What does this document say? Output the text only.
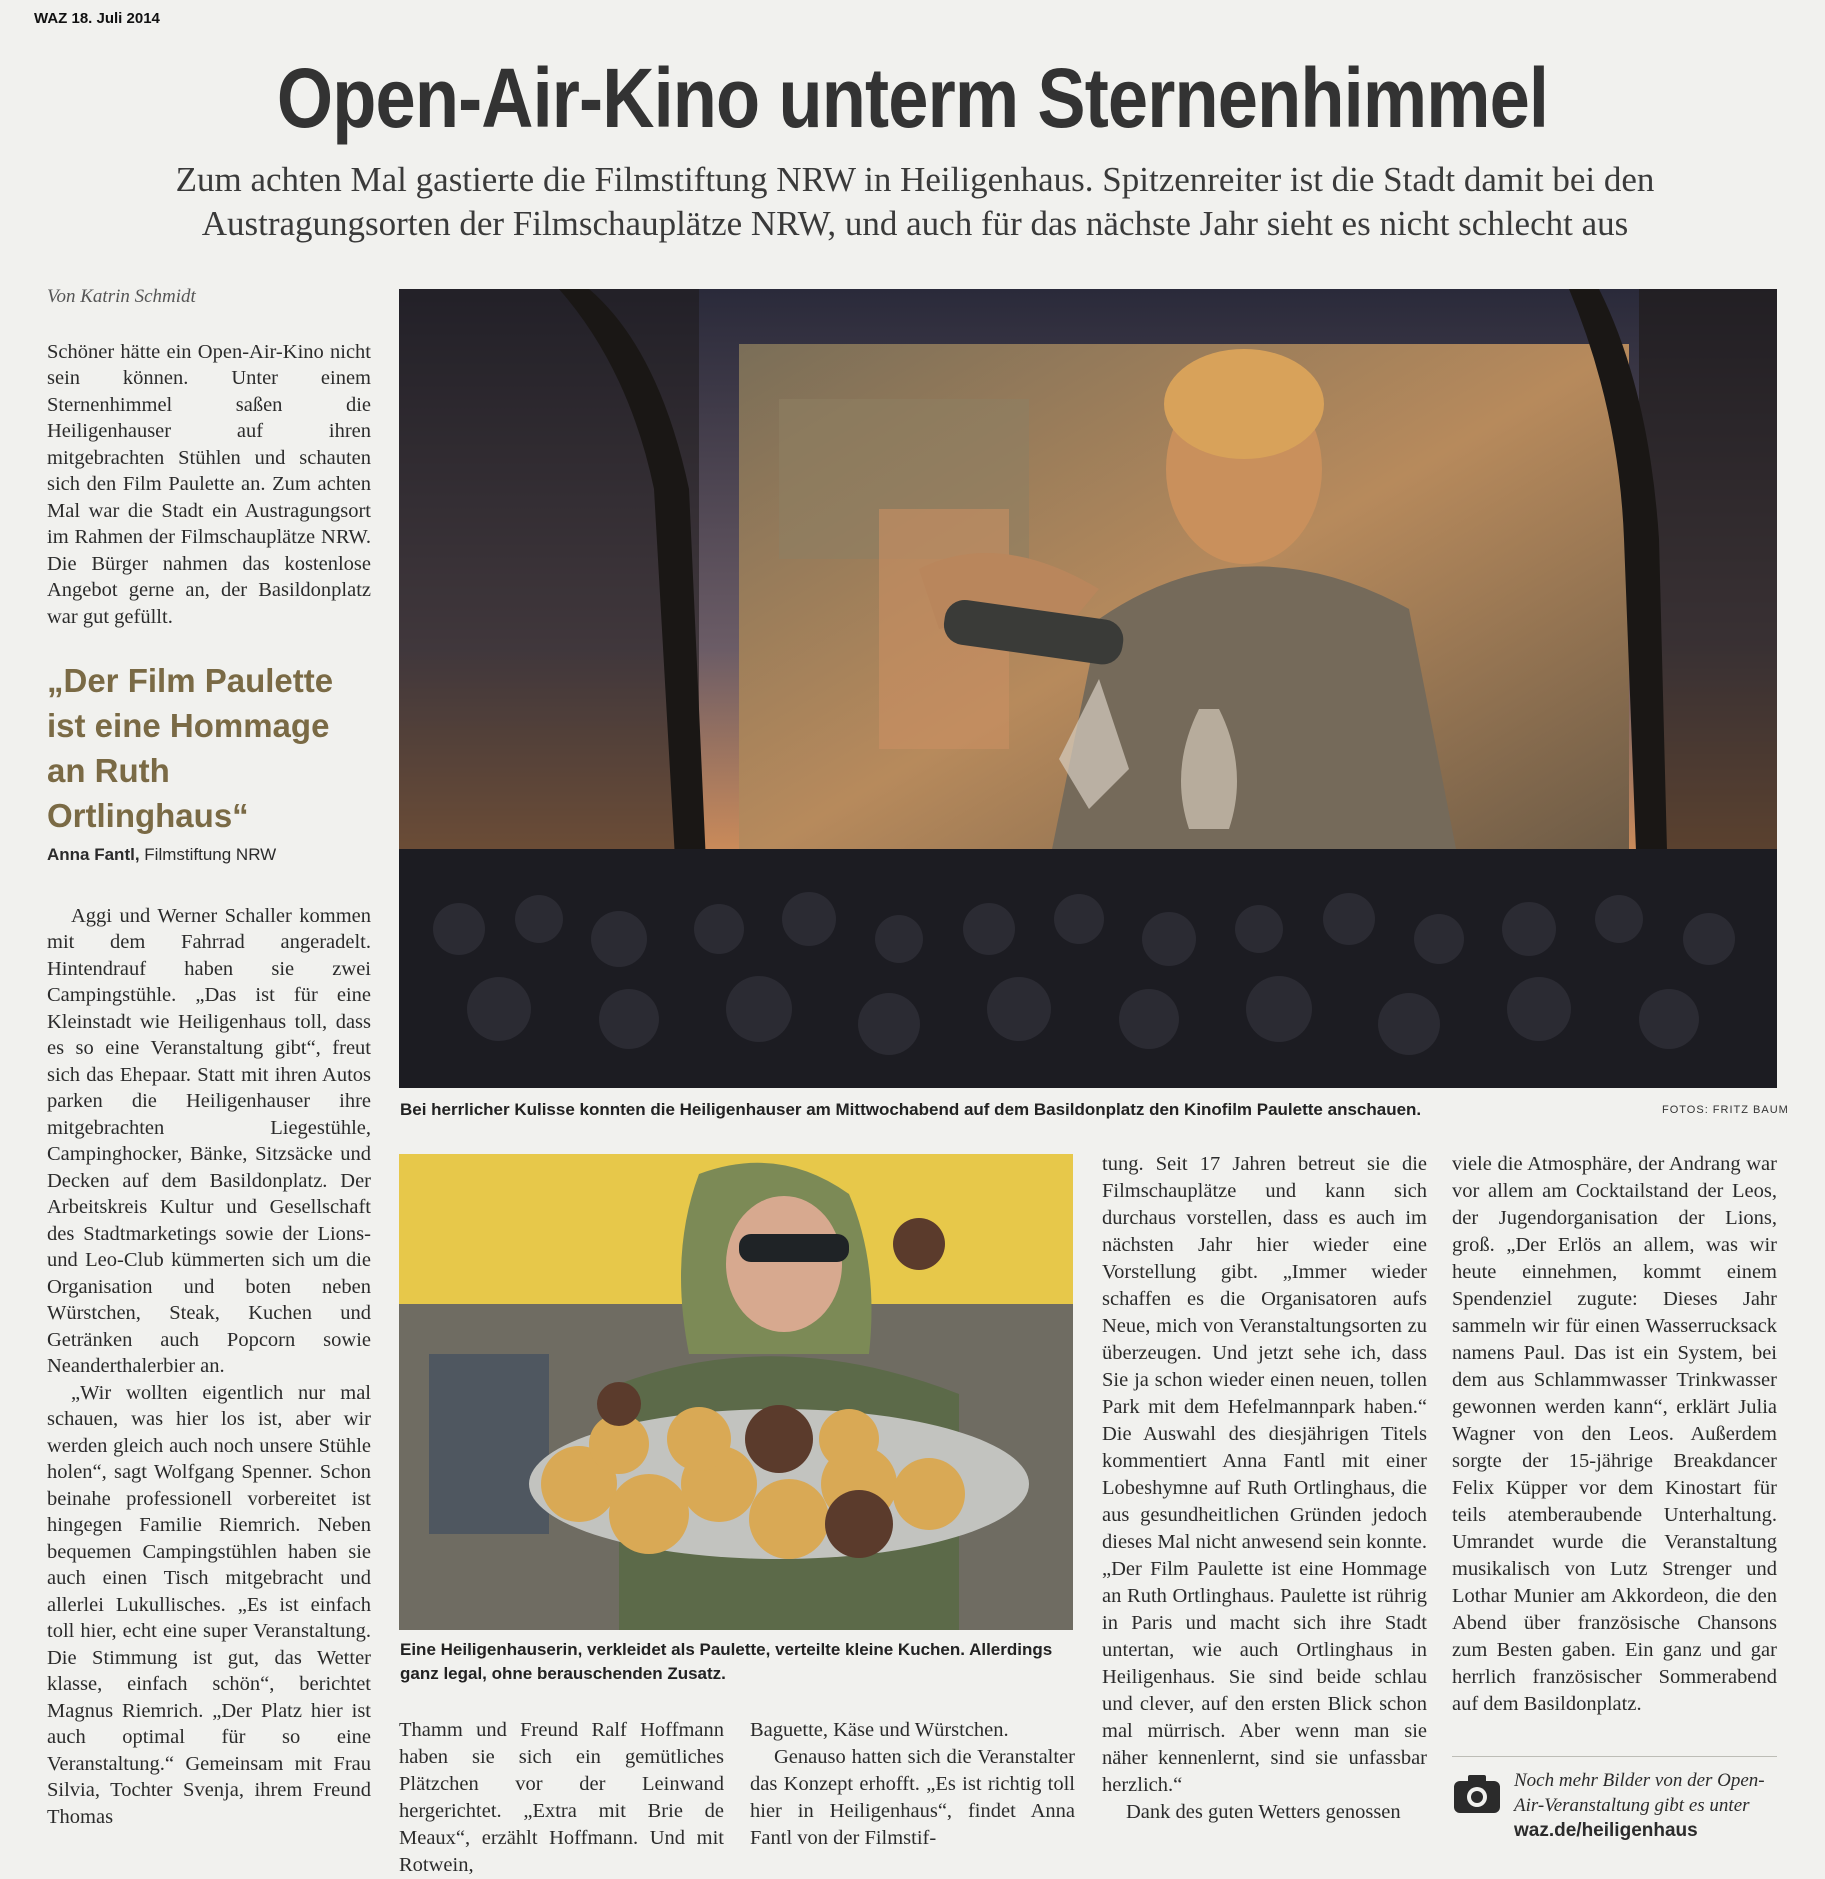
WAZ 18. Juli 2014
Open-Air-Kino unterm Sternenhimmel
Zum achten Mal gastierte die Filmstiftung NRW in Heiligenhaus. Spitzenreiter ist die Stadt damit bei den Austragungsorten der Filmschauplätze NRW, und auch für das nächste Jahr sieht es nicht schlecht aus
Von Katrin Schmidt

Schöner hätte ein Open-Air-Kino nicht sein können. Unter einem Sternenhimmel saßen die Heiligenhauser auf ihren mitgebrachten Stühlen und schauten sich den Film Paulette an. Zum achten Mal war die Stadt ein Austragungsort im Rahmen der Filmschauplätze NRW. Die Bürger nahmen das kostenlose Angebot gerne an, der Basildonplatz war gut gefüllt.

„Der Film Paulette ist eine Hommage an Ruth Ortlinghaus“
Anna Fantl, Filmstiftung NRW

Aggi und Werner Schaller kommen mit dem Fahrrad angeradelt. Hintendrauf haben sie zwei Campingstühle. „Das ist für eine Kleinstadt wie Heiligenhaus toll, dass es so eine Veranstaltung gibt“, freut sich das Ehepaar. Statt mit ihren Autos parken die Heiligenhauser ihre mitgebrachten Liegestühle, Campinghocker, Bänke, Sitzsäcke und Decken auf dem Basildonplatz. Der Arbeitskreis Kultur und Gesellschaft des Stadtmarketings sowie der Lions- und Leo-Club kümmerten sich um die Organisation und boten neben Würstchen, Steak, Kuchen und Getränken auch Popcorn sowie Neanderthalerbier an.

„Wir wollten eigentlich nur mal schauen, was hier los ist, aber wir werden gleich auch noch unsere Stühle holen“, sagt Wolfgang Spenner. Schon beinahe professionell vorbereitet ist hingegen Familie Riemrich. Neben bequemen Campingstühlen haben sie auch einen Tisch mitgebracht und allerlei Lukullisches. „Es ist einfach toll hier, echt eine super Veranstaltung. Die Stimmung ist gut, das Wetter klasse, einfach schön“, berichtet Magnus Riemrich. „Der Platz hier ist auch optimal für so eine Veranstaltung.“ Gemeinsam mit Frau Silvia, Tochter Svenja, ihrem Freund Thomas

Bei herrlicher Kulisse konnten die Heiligenhauser am Mittwochabend auf dem Basildonplatz den Kinofilm Paulette anschauen.	FOTOS: FRITZ BAUM
Eine Heiligenhauserin, verkleidet als Paulette, verteilte kleine Kuchen. Allerdings ganz legal, ohne berauschenden Zusatz.

Thamm und Freund Ralf Hoffmann haben sie sich ein gemütliches Plätzchen vor der Leinwand hergerichtet. „Extra mit Brie de Meaux“, erzählt Hoffmann. Und mit Rotwein,

Baguette, Käse und Würstchen.

Genauso hatten sich die Veranstalter das Konzept erhofft. „Es ist richtig toll hier in Heiligenhaus“, findet Anna Fantl von der Filmstif-

tung. Seit 17 Jahren betreut sie die Filmschauplätze und kann sich durchaus vorstellen, dass es auch im nächsten Jahr hier wieder eine Vorstellung gibt. „Immer wieder schaffen es die Organisatoren aufs Neue, mich von Veranstaltungsorten zu überzeugen. Und jetzt sehe ich, dass Sie ja schon wieder einen neuen, tollen Park mit dem Hefelmannpark haben.“ Die Auswahl des diesjährigen Titels kommentiert Anna Fantl mit einer Lobeshymne auf Ruth Ortlinghaus, die aus gesundheitlichen Gründen jedoch dieses Mal nicht anwesend sein konnte. „Der Film Paulette ist eine Hommage an Ruth Ortlinghaus. Paulette ist rührig in Paris und macht sich ihre Stadt untertan, wie auch Ortlinghaus in Heiligenhaus. Sie sind beide schlau und clever, auf den ersten Blick schon mal mürrisch. Aber wenn man sie näher kennenlernt, sind sie unfassbar herzlich.“

Dank des guten Wetters genossen

viele die Atmosphäre, der Andrang war vor allem am Cocktailstand der Leos, der Jugendorganisation der Lions, groß. „Der Erlös an allem, was wir heute einnehmen, kommt einem Spendenziel zugute: Dieses Jahr sammeln wir für einen Wasserrucksack namens Paul. Das ist ein System, bei dem aus Schlammwasser Trinkwasser gewonnen werden kann“, erklärt Julia Wagner von den Leos. Außerdem sorgte der 15-jährige Breakdancer Felix Küpper vor dem Kinostart für teils atemberaubende Unterhaltung. Umrandet wurde die Veranstaltung musikalisch von Lutz Strenger und Lothar Munier am Akkordeon, die den Abend über französische Chansons zum Besten gaben. Ein ganz und gar herrlich französischer Sommerabend auf dem Basildonplatz.

Noch mehr Bilder von der Open-Air-Veranstaltung gibt es unter waz.de/heiligenhaus
